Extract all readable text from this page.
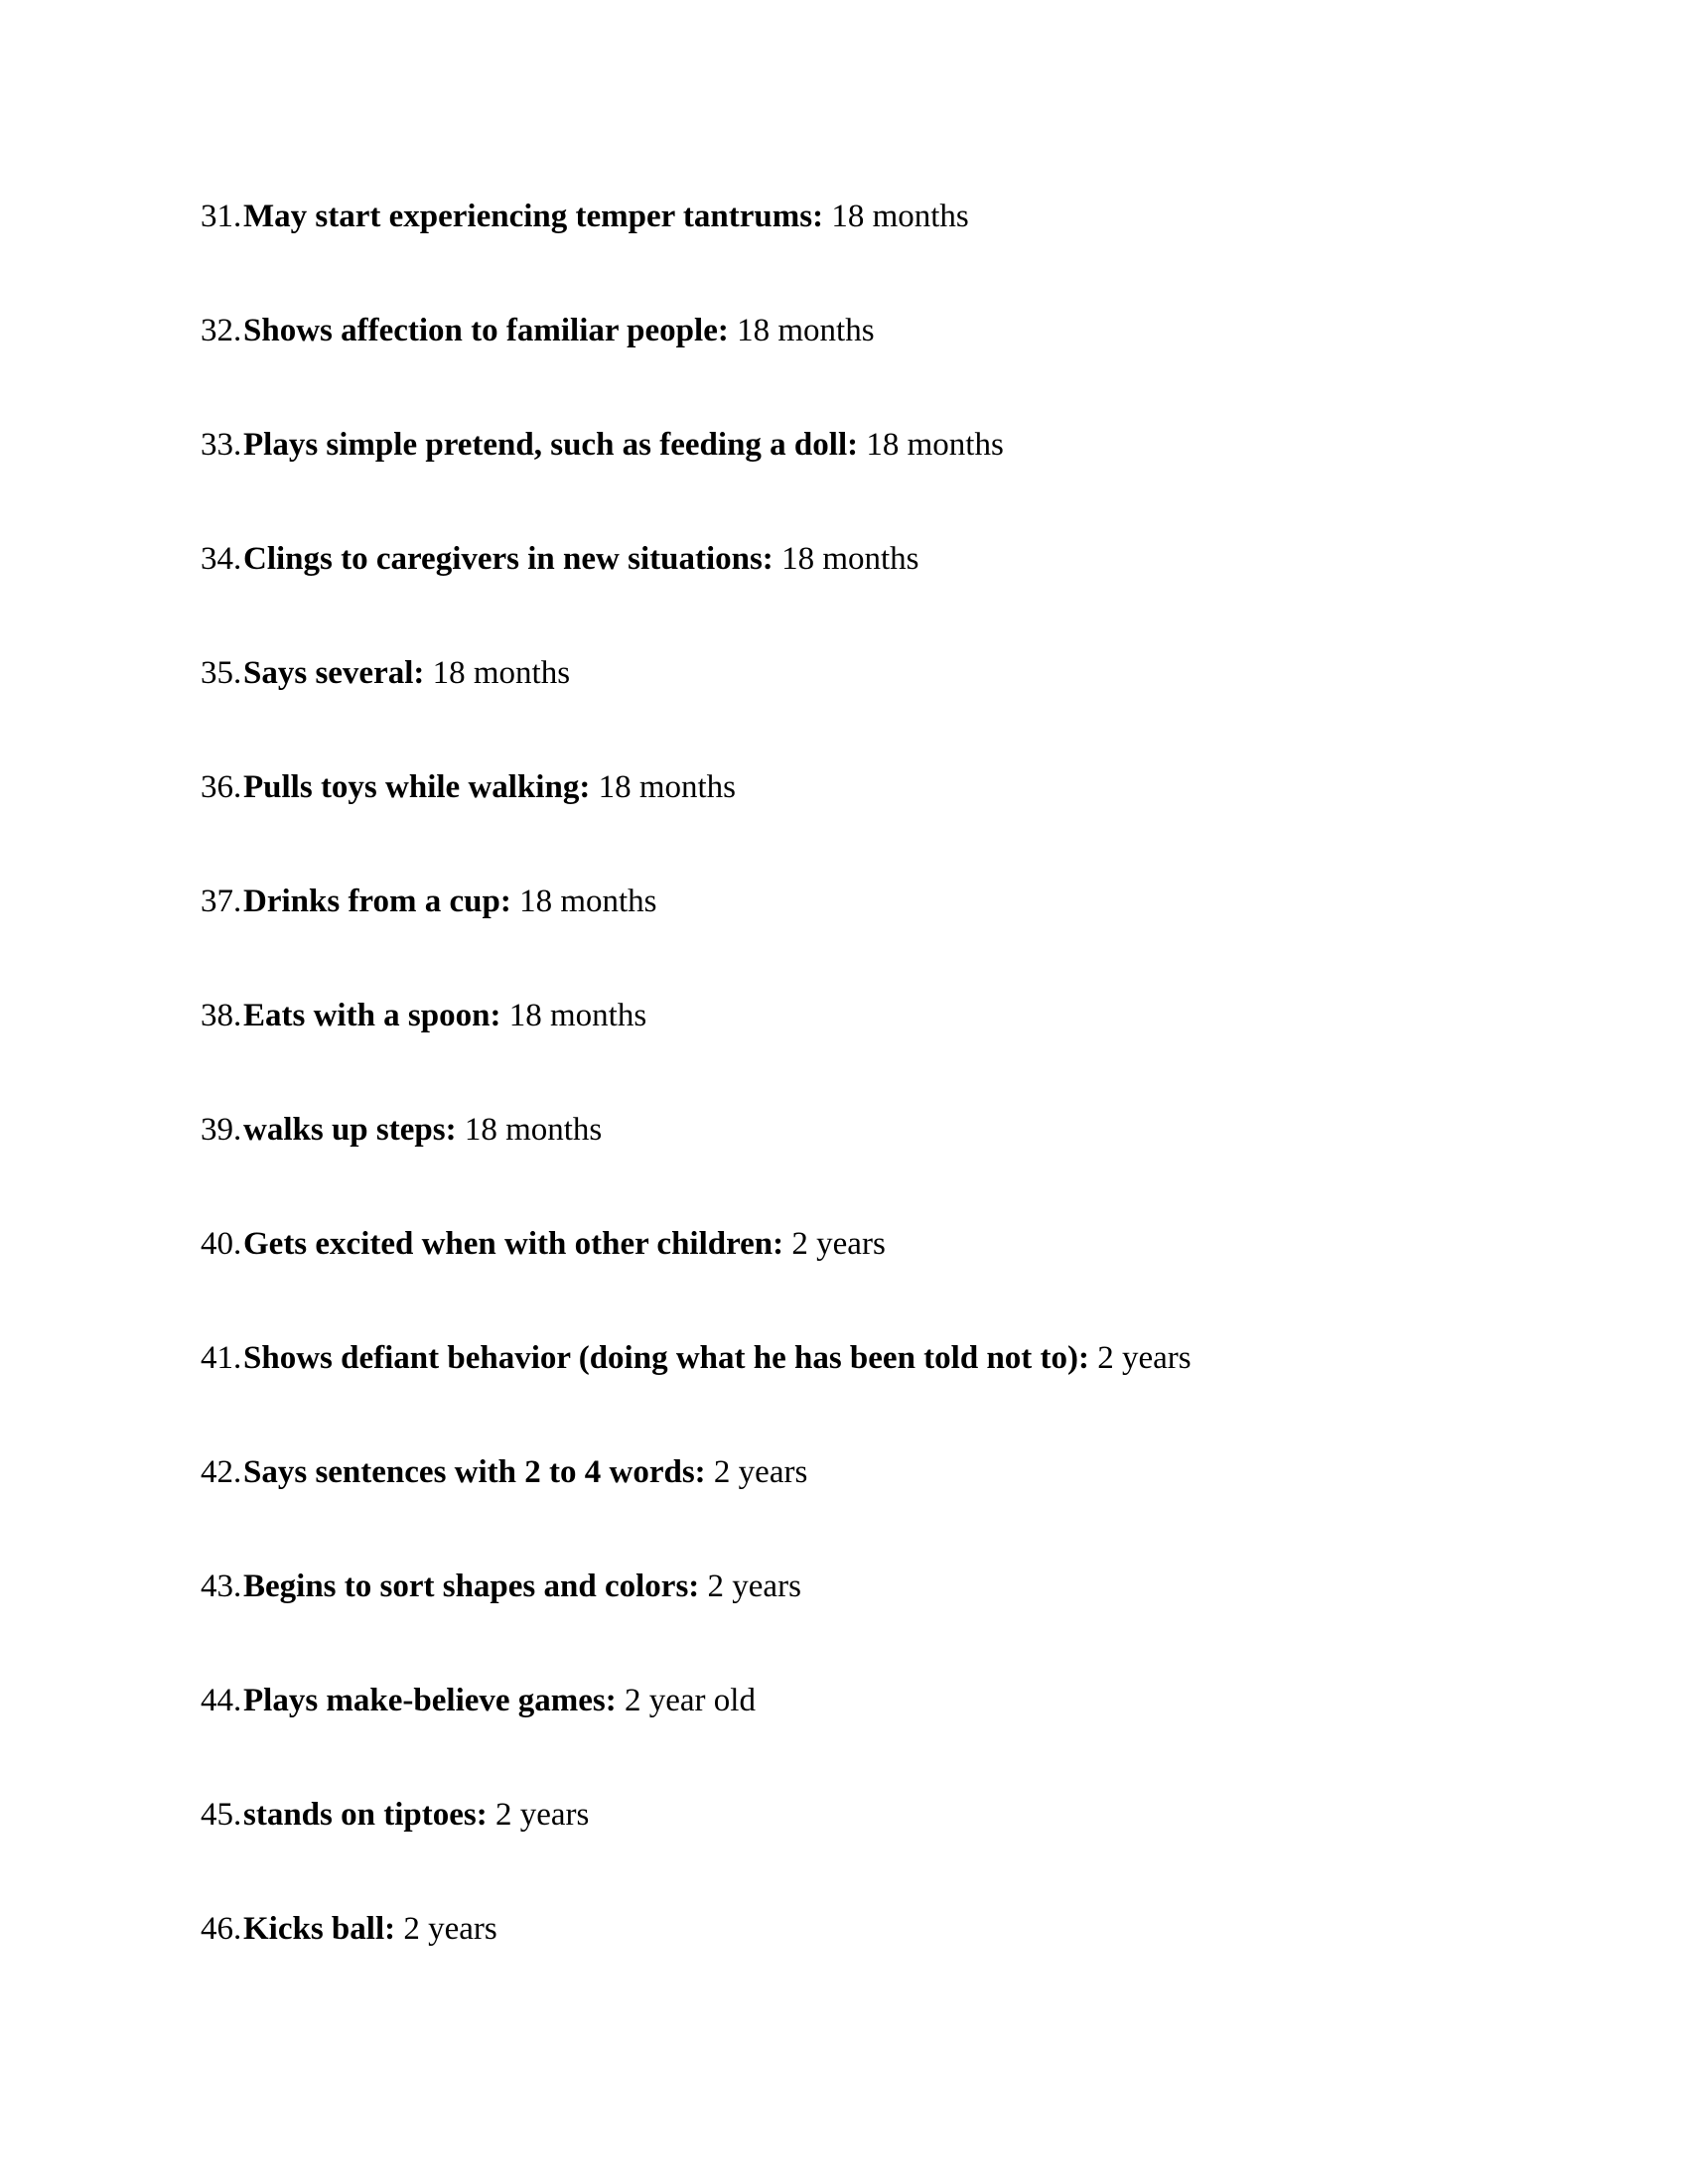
31. May start experiencing temper tantrums: 18 months
32. Shows affection to familiar people: 18 months
33. Plays simple pretend, such as feeding a doll: 18 months
34. Clings to caregivers in new situations: 18 months
35. Says several: 18 months
36. Pulls toys while walking: 18 months
37. Drinks from a cup: 18 months
38. Eats with a spoon: 18 months
39. walks up steps: 18 months
40. Gets excited when with other children: 2 years
41. Shows defiant behavior (doing what he has been told not to): 2 years
42. Says sentences with 2 to 4 words: 2 years
43. Begins to sort shapes and colors: 2 years
44. Plays make-believe games: 2 year old
45. stands on tiptoes: 2 years
46. Kicks ball: 2 years
